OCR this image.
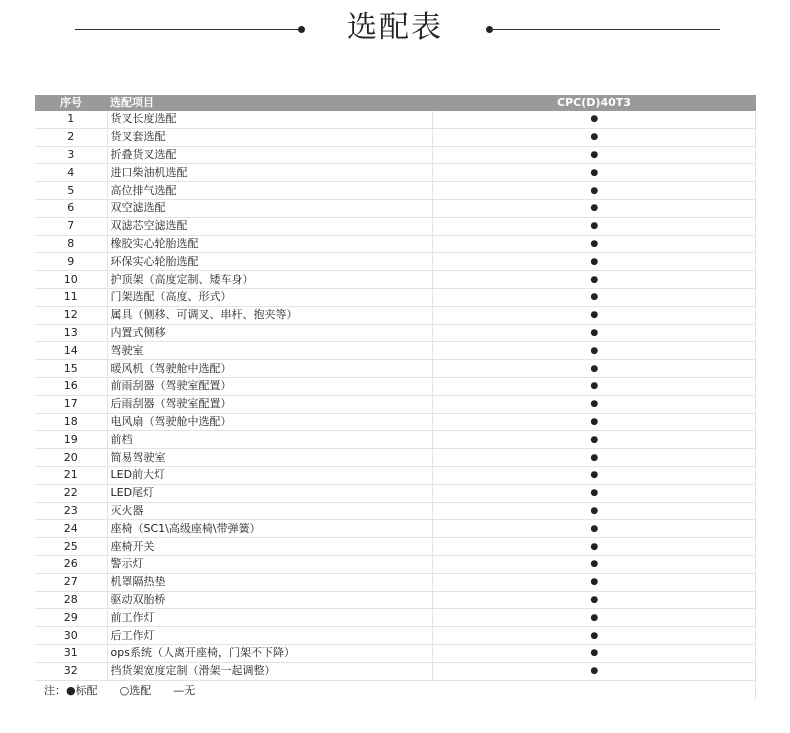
选配表
序号	选配项目	CPC(D)40T3
1	货叉长度选配	●
2	货叉套选配	●
3	折叠货叉选配	●
4	进口柴油机选配	●
5	高位排气选配	●
6	双空滤选配	●
7	双滤芯空滤选配	●
8	橡胶实心轮胎选配	●
9	环保实心轮胎选配	●
10	护顶架（高度定制、矮车身）	●
11	门架选配（高度、形式）	●
12	属具（侧移、可调叉、串杆、抱夹等）	●
13	内置式侧移	●
14	驾驶室	●
15	暖风机（驾驶舱中选配）	●
16	前雨刮器（驾驶室配置）	●
17	后雨刮器（驾驶室配置）	●
18	电风扇（驾驶舱中选配）	●
19	前档	●
20	简易驾驶室	●
21	LED前大灯	●
22	LED尾灯	●
23	灭火器	●
24	座椅（SC1\高级座椅\带弹簧）	●
25	座椅开关	●
26	警示灯	●
27	机罩隔热垫	●
28	驱动双胎桥	●
29	前工作灯	●
30	后工作灯	●
31	ops系统（人离开座椅，门架不下降）	●
32	挡货架宽度定制（滑架一起调整）	●
注：●标配 ○选配 —无
